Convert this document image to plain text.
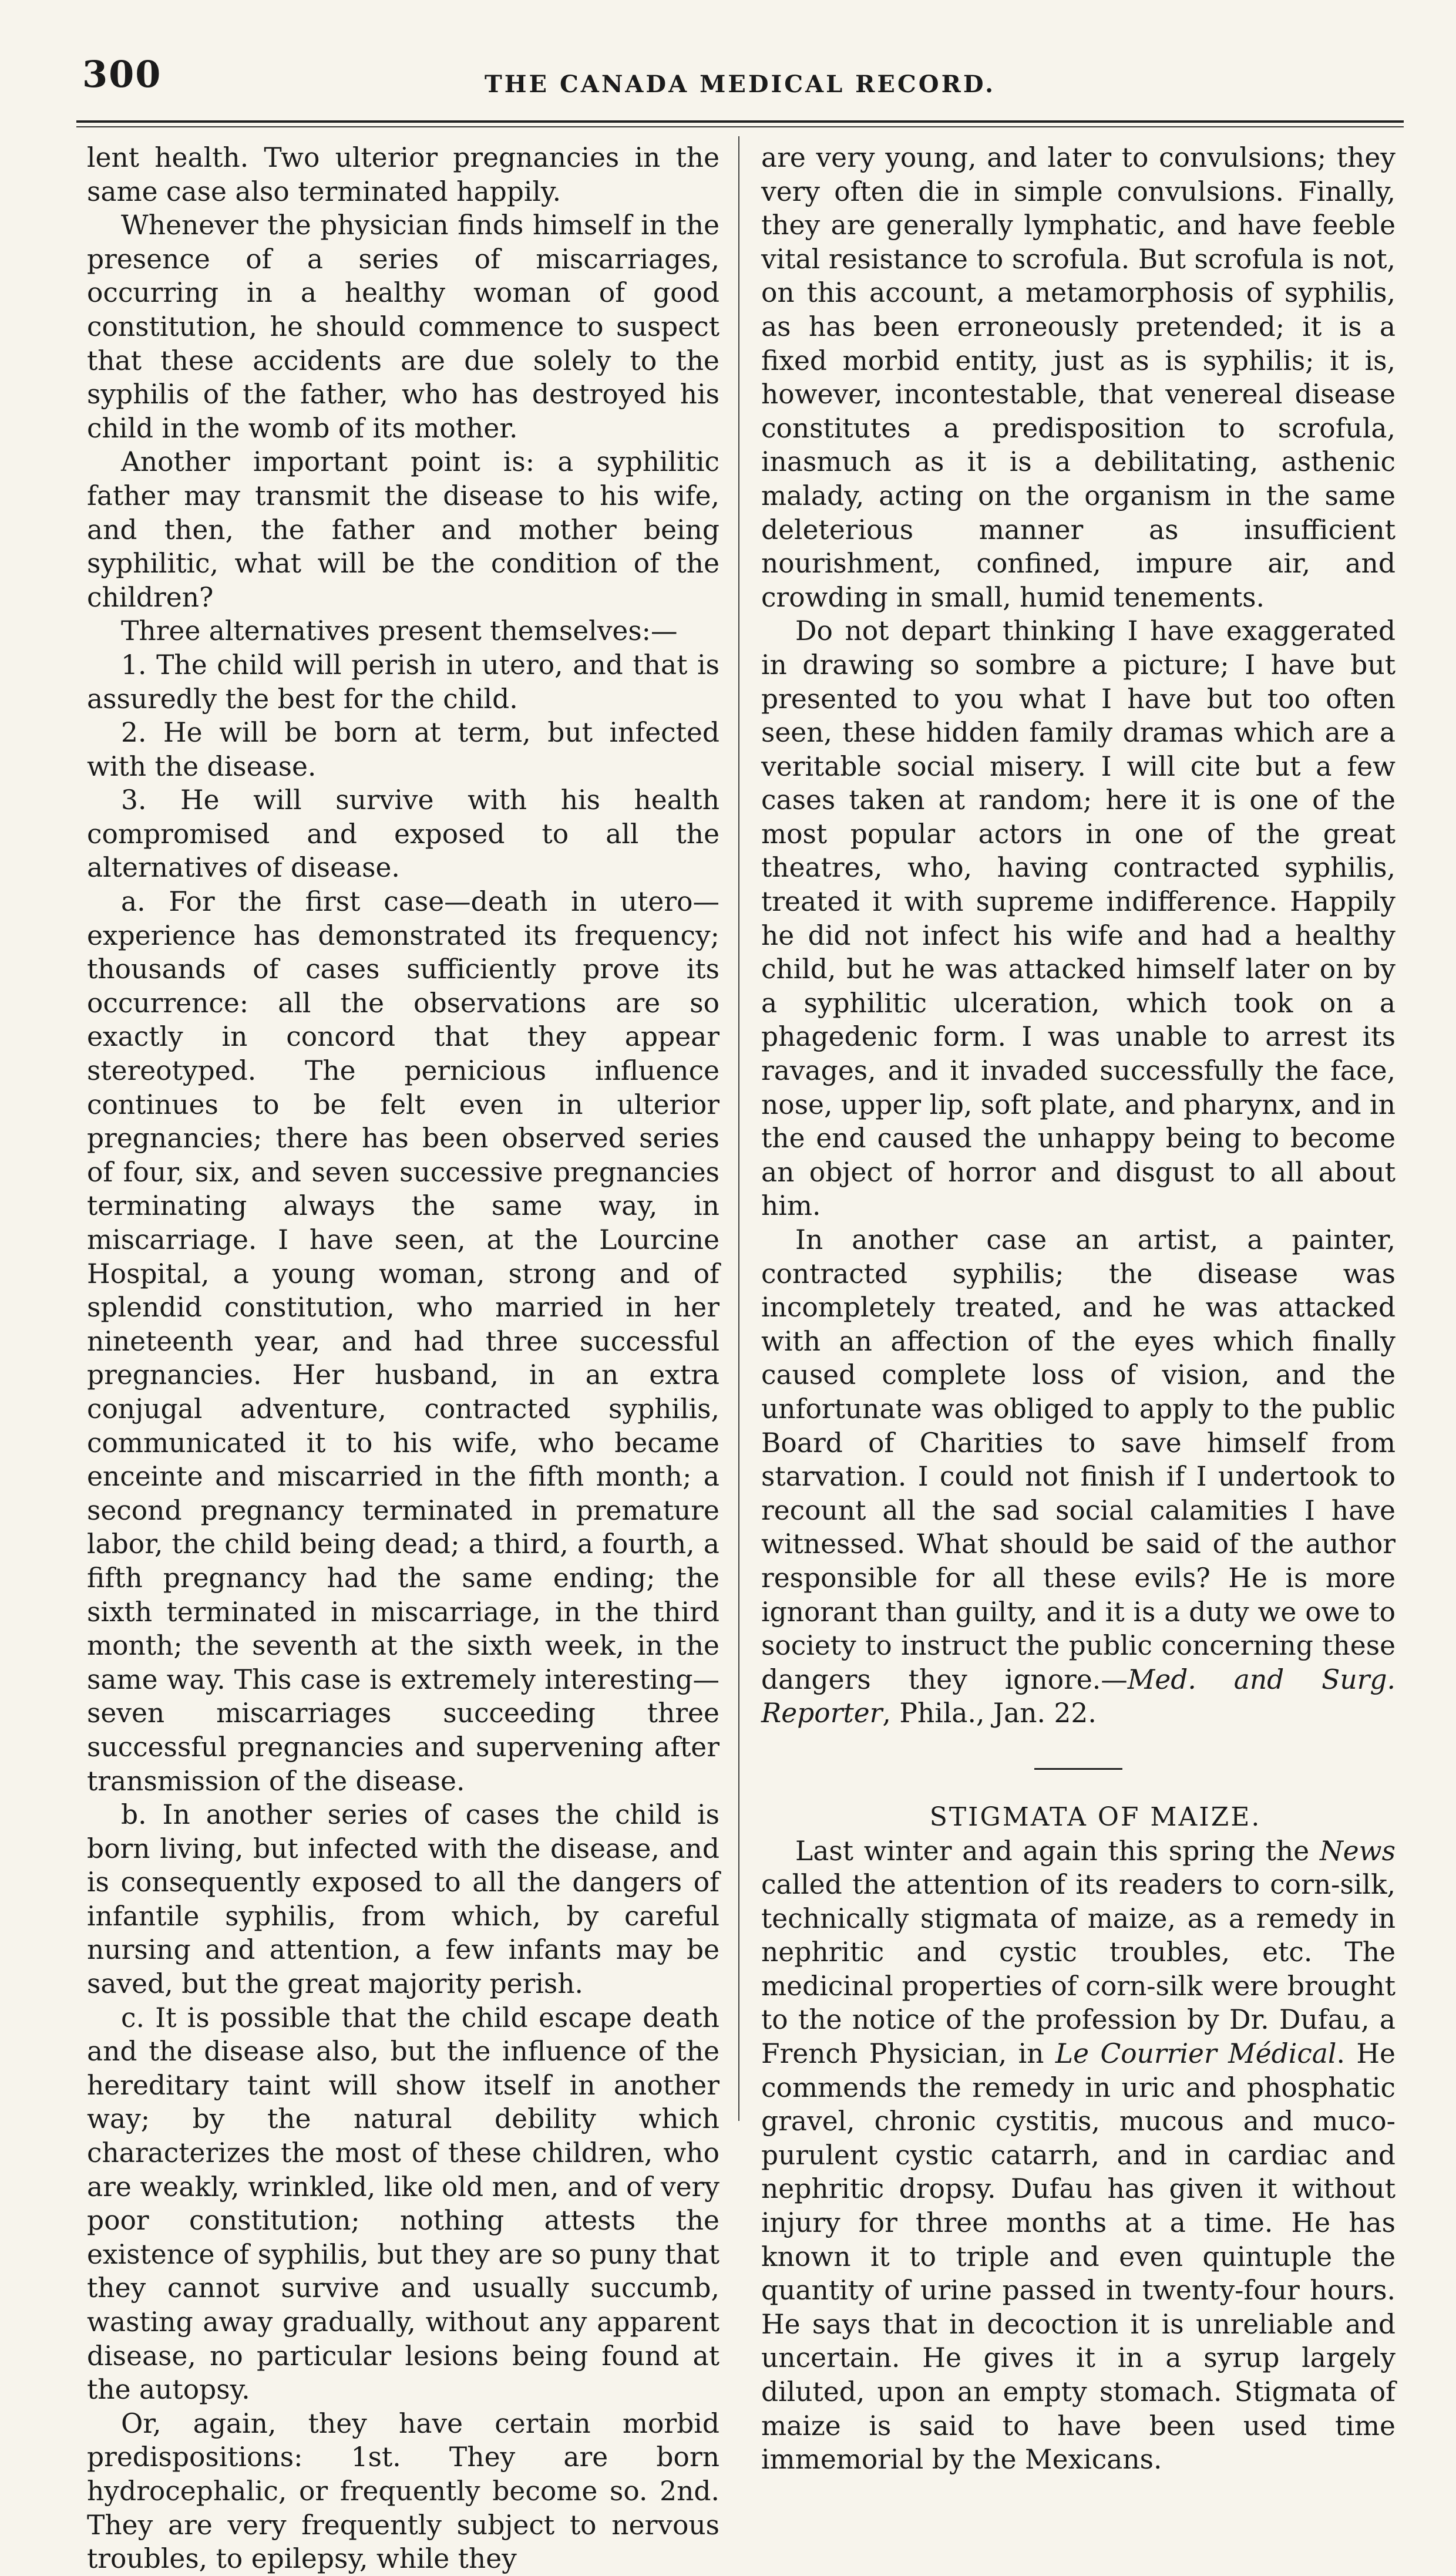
300	THE CANADA MEDICAL RECORD.

lent health. Two ulterior pregnancies in the same case also terminated happily.

Whenever the physician finds himself in the presence of a series of miscarriages, occurring in a healthy woman of good constitution, he should commence to suspect that these accidents are due solely to the syphilis of the father, who has destroyed his child in the womb of its mother.

Another important point is: a syphilitic father may transmit the disease to his wife, and then, the father and mother being syphilitic, what will be the condition of the children?

Three alternatives present themselves:—

1. The child will perish in utero, and that is assuredly the best for the child.

2. He will be born at term, but infected with the disease.

3. He will survive with his health compromised and exposed to all the alternatives of disease.

a. For the first case—death in utero—experience has demonstrated its frequency; thousands of cases sufficiently prove its occurrence: all the observations are so exactly in concord that they appear stereotyped. The pernicious influence continues to be felt even in ulterior pregnancies; there has been observed series of four, six, and seven successive pregnancies terminating always the same way, in miscarriage. I have seen, at the Lourcine Hospital, a young woman, strong and of splendid constitution, who married in her nineteenth year, and had three successful pregnancies. Her husband, in an extra conjugal adventure, contracted syphilis, communicated it to his wife, who became enceinte and miscarried in the fifth month; a second pregnancy terminated in premature labor, the child being dead; a third, a fourth, a fifth pregnancy had the same ending; the sixth terminated in miscarriage, in the third month; the seventh at the sixth week, in the same way. This case is extremely interesting—seven miscarriages succeeding three successful pregnancies and supervening after transmission of the disease.

b. In another series of cases the child is born living, but infected with the disease, and is consequently exposed to all the dangers of infantile syphilis, from which, by careful nursing and attention, a few infants may be saved, but the great majority perish.

c. It is possible that the child escape death and the disease also, but the influence of the hereditary taint will show itself in another way; by the natural debility which characterizes the most of these children, who are weakly, wrinkled, like old men, and of very poor constitution; nothing attests the existence of syphilis, but they are so puny that they cannot survive and usually succumb, wasting away gradually, without any apparent disease, no particular lesions being found at the autopsy.

Or, again, they have certain morbid predispositions: 1st. They are born hydrocephalic, or frequently become so. 2nd. They are very frequently subject to nervous troubles, to epilepsy, while they

are very young, and later to convulsions; they very often die in simple convulsions. Finally, they are generally lymphatic, and have feeble vital resistance to scrofula. But scrofula is not, on this account, a metamorphosis of syphilis, as has been erroneously pretended; it is a fixed morbid entity, just as is syphilis; it is, however, incontestable, that venereal disease constitutes a predisposition to scrofula, inasmuch as it is a debilitating, asthenic malady, acting on the organism in the same deleterious manner as insufficient nourishment, confined, impure air, and crowding in small, humid tenements.

Do not depart thinking I have exaggerated in drawing so sombre a picture; I have but presented to you what I have but too often seen, these hidden family dramas which are a veritable social misery. I will cite but a few cases taken at random; here it is one of the most popular actors in one of the great theatres, who, having contracted syphilis, treated it with supreme indifference. Happily he did not infect his wife and had a healthy child, but he was attacked himself later on by a syphilitic ulceration, which took on a phagedenic form. I was unable to arrest its ravages, and it invaded successfully the face, nose, upper lip, soft plate, and pharynx, and in the end caused the unhappy being to become an object of horror and disgust to all about him.

In another case an artist, a painter, contracted syphilis; the disease was incompletely treated, and he was attacked with an affection of the eyes which finally caused complete loss of vision, and the unfortunate was obliged to apply to the public Board of Charities to save himself from starvation. I could not finish if I undertook to recount all the sad social calamities I have witnessed. What should be said of the author responsible for all these evils? He is more ignorant than guilty, and it is a duty we owe to society to instruct the public concerning these dangers they ignore.—Med. and Surg. Reporter, Phila., Jan. 22.

STIGMATA OF MAIZE.

Last winter and again this spring the News called the attention of its readers to corn-silk, technically stigmata of maize, as a remedy in nephritic and cystic troubles, etc. The medicinal properties of corn-silk were brought to the notice of the profession by Dr. Dufau, a French Physician, in Le Courrier Médical. He commends the remedy in uric and phosphatic gravel, chronic cystitis, mucous and muco-purulent cystic catarrh, and in cardiac and nephritic dropsy. Dufau has given it without injury for three months at a time. He has known it to triple and even quintuple the quantity of urine passed in twenty-four hours. He says that in decoction it is unreliable and uncertain. He gives it in a syrup largely diluted, upon an empty stomach. Stigmata of maize is said to have been used time immemorial by the Mexicans.
